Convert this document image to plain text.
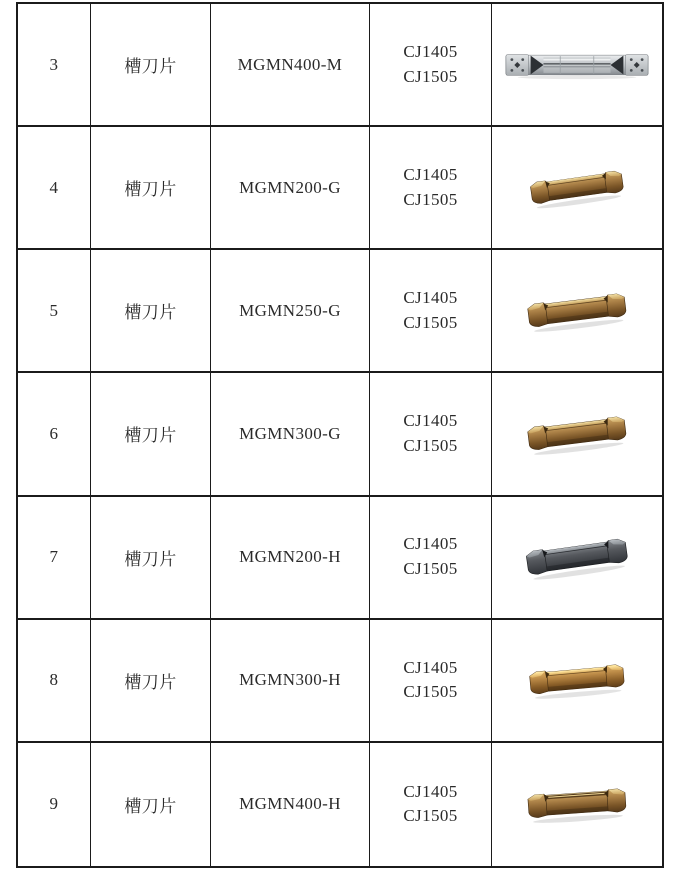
3	槽刀片	MGMN400-M
CJ1405
CJ1505
4	槽刀片	MGMN200-G
CJ1405
CJ1505
5	槽刀片	MGMN250-G
CJ1405
CJ1505
6	槽刀片	MGMN300-G
CJ1405
CJ1505
7	槽刀片	MGMN200-H
CJ1405
CJ1505
8	槽刀片	MGMN300-H
CJ1405
CJ1505
9	槽刀片	MGMN400-H
CJ1405
CJ1505
